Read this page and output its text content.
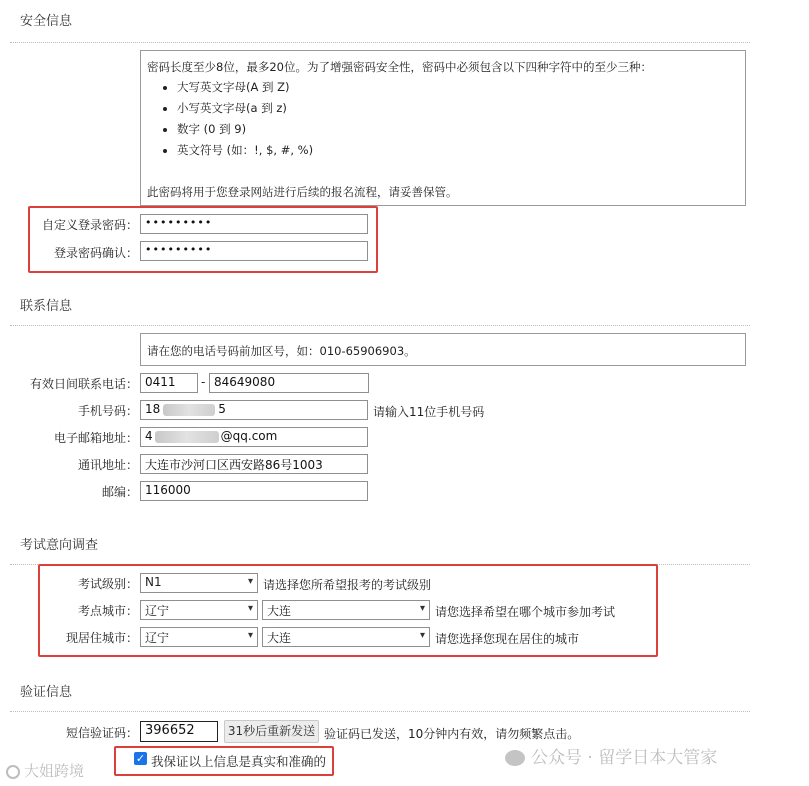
安全信息
密码长度至少8位，最多20位。为了增强密码安全性，密码中必须包含以下四种字符中的至少三种：
• 大写英文字母(A 到 Z)
• 小写英文字母(a 到 z)
• 数字 (0 到 9)
• 英文符号 (如：!, $, #, %)
此密码将用于您登录网站进行后续的报名流程，请妥善保管。
自定义登录密码： •••••••••
登录密码确认： •••••••••
联系信息
请在您的电话号码前加区号，如：010-65906903。
有效日间联系电话： 0411	- 84649080
手机号码： 18	5	请输入11位手机号码
电子邮箱地址： 4	@qq.com
通讯地址： 大连市沙河口区西安路86号1003
邮编： 116000
考试意向调查
考试级别： N1	▾ 请选择您所希望报考的考试级别
考点城市： 辽宁	▾	大连	▾ 请您选择希望在哪个城市参加考试
现居住城市： 辽宁	▾	大连	▾ 请您选择您现在居住的城市
验证信息
短信验证码： 396652	31秒后重新发送 验证码已发送，10分钟内有效，请勿频繁点击。
✓ 我保证以上信息是真实和准确的
大姐跨境
公众号 · 留学日本大管家
